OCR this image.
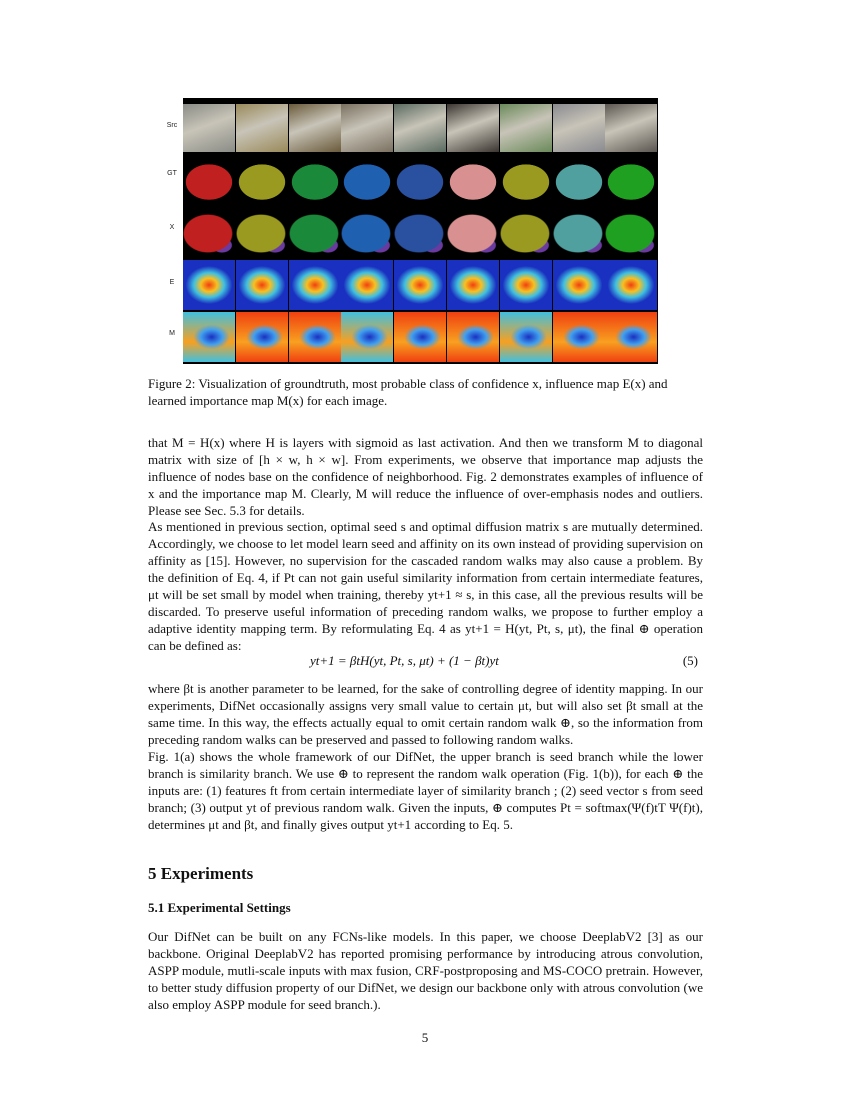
Src
GT
X
E
M
Figure 2: Visualization of groundtruth, most probable class of confidence x, influence map E(x) and learned importance map M(x) for each image.

that M = H(x) where H is layers with sigmoid as last activation. And then we transform M to diagonal matrix with size of [h × w, h × w]. From experiments, we observe that importance map adjusts the influence of nodes base on the confidence of neighborhood. Fig. 2 demonstrates examples of influence of x and the importance map M. Clearly, M will reduce the influence of over-emphasis nodes and outliers. Please see Sec. 5.3 for details.

As mentioned in previous section, optimal seed s and optimal diffusion matrix s are mutually determined. Accordingly, we choose to let model learn seed and affinity on its own instead of providing supervision on affinity as [15]. However, no supervision for the cascaded random walks may also cause a problem. By the definition of Eq. 4, if Pt can not gain useful similarity information from certain intermediate features, μt will be set small by model when training, thereby yt+1 ≈ s, in this case, all the previous results will be discarded. To preserve useful information of preceding random walks, we propose to further employ a adaptive identity mapping term. By reformulating Eq. 4 as yt+1 = H(yt, Pt, s, μt), the final ⊕ operation can be defined as:

yt+1 = βtH(yt, Pt, s, μt) + (1 − βt)yt	(5)

where βt is another parameter to be learned, for the sake of controlling degree of identity mapping. In our experiments, DifNet occasionally assigns very small value to certain μt, but will also set βt small at the same time. In this way, the effects actually equal to omit certain random walk ⊕, so the information from preceding random walks can be preserved and passed to following random walks.

Fig. 1(a) shows the whole framework of our DifNet, the upper branch is seed branch while the lower branch is similarity branch. We use ⊕ to represent the random walk operation (Fig. 1(b)), for each ⊕ the inputs are: (1) features ft from certain intermediate layer of similarity branch ; (2) seed vector s from seed branch; (3) output yt of previous random walk. Given the inputs, ⊕ computes Pt = softmax(Ψ(f)tT Ψ(f)t), determines μt and βt, and finally gives output yt+1 according to Eq. 5.

5 Experiments
5.1 Experimental Settings

Our DifNet can be built on any FCNs-like models. In this paper, we choose DeeplabV2 [3] as our backbone. Original DeeplabV2 has reported promising performance by introducing atrous convolution, ASPP module, mutli-scale inputs with max fusion, CRF-postproposing and MS-COCO pretrain. However, to better study diffusion property of our DifNet, we design our backbone only with atrous convolution (we also employ ASPP module for seed branch.).

5
